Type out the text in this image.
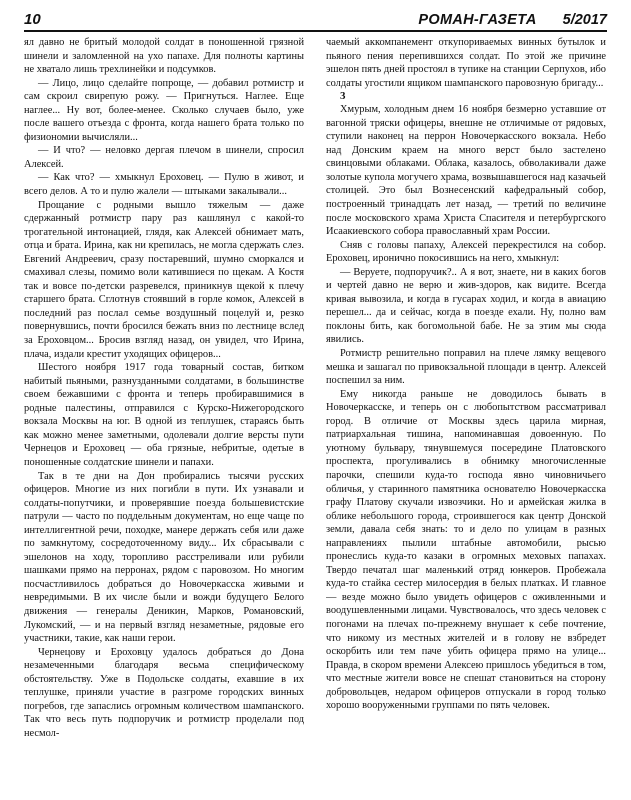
10	РОМАН-ГАЗЕТА 5/2017

ял давно не бритый молодой солдат в поношенной грязной шинели и заломленной на ухо папахе. Для полноты картины не хватало лишь трехлинейки и подсумков.

— Лицо, лицо сделайте попроще, — добавил ротмистр и сам скроил свирепую рожу. — Пригнуться. Наглее. Еще наглее... Ну вот, более-менее. Сколько случаев было, уже после вашего отъезда с фронта, когда нашего брата только по физиономии вычисляли...

— И что? — неловко дергая плечом в шинели, спросил Алексей.

— Как что? — хмыкнул Ероховец. — Пулю в живот, и всего делов. А то и пулю жалели — штыками закалывали...

Прощание с родными вышло тяжелым — даже сдержанный ротмистр пару раз кашлянул с какой-то трогательной интонацией, глядя, как Алексей обнимает мать, отца и брата. Ирина, как ни крепилась, не могла сдержать слез. Евгений Андреевич, сразу постаревший, шумно сморкался и смахивал слезы, помимо воли катившиеся по щекам. А Костя так и вовсе по-детски разревелся, приникнув щекой к плечу старшего брата. Сглотнув стоявший в горле комок, Алексей в последний раз послал семье воздушный поцелуй и, резко повернувшись, почти бросился бежать вниз по лестнице вслед за Ероховцом... Бросив взгляд назад, он увидел, что Ирина, плача, издали крестит уходящих офицеров...

Шестого ноября 1917 года товарный состав, битком набитый пьяными, разнузданными солдатами, в большинстве своем бежавшими с фронта и теперь пробиравшимися в родные палестины, отправился с Курско-Нижегородского вокзала Москвы на юг. В одной из теплушек, стараясь быть как можно менее заметными, одолевали долгие версты пути Чернецов и Ероховец — оба грязные, небритые, одетые в поношенные солдатские шинели и папахи.

Так в те дни на Дон пробирались тысячи русских офицеров. Многие из них погибли в пути. Их узнавали и солдаты-попутчики, и проверявшие поезда большевистские патрули — часто по поддельным документам, но еще чаще по интеллигентной речи, походке, манере держать себя или даже по замкнутому, сосредоточенному виду... Их сбрасывали с эшелонов на ходу, торопливо расстреливали или рубили шашками прямо на перронах, рядом с паровозом. Но многим посчастливилось добраться до Новочеркасска живыми и невредимыми. В их числе были и вожди будущего Белого движения — генералы Деникин, Марков, Романовский, Лукомский, — и на первый взгляд незаметные, рядовые его участники, такие, как наши герои.

Чернецову и Ероховцу удалось добраться до Дона незамеченными благодаря весьма специфическому обстоятельству. Уже в Подольске солдаты, ехавшие в их теплушке, приняли участие в разгроме городских винных погребов, где запаслись огромным количеством шампанского. Так что весь путь подпоручик и ротмистр проделали под несмол-

чаемый аккомпанемент откупориваемых винных бутылок и пьяного пения перепившихся солдат. По этой же причине эшелон пять дней простоял в тупике на станции Серпухов, ибо солдаты угостили ящиком шампанского паровозную бригаду...

3

Хмурым, холодным днем 16 ноября безмерно уставшие от вагонной тряски офицеры, внешне не отличимые от рядовых, ступили наконец на перрон Новочеркасского вокзала. Небо над Донским краем на много верст было застелено свинцовыми облаками. Облака, казалось, обволакивали даже золотые купола могучего храма, возвышавшегося над казачьей столицей. Это был Вознесенский кафедральный собор, построенный тринадцать лет назад, — третий по величине после московского храма Христа Спасителя и петербургского Исаакиевского собора православный храм России.

Сняв с головы папаху, Алексей перекрестился на собор. Ероховец, иронично покосившись на него, хмыкнул:

— Веруете, подпоручик?.. А я вот, знаете, ни в каких богов и чертей давно не верю и жив-здоров, как видите. Всегда кривая вывозила, и когда в гусарах ходил, и когда в авиацию перешел... да и сейчас, когда в поезде ехали. Ну, полно вам поклоны бить, как богомольной бабе. Не за этим мы сюда явились.

Ротмистр решительно поправил на плече лямку вещевого мешка и зашагал по привокзальной площади в центр. Алексей поспешил за ним.

Ему никогда раньше не доводилось бывать в Новочеркасске, и теперь он с любопытством рассматривал город. В отличие от Москвы здесь царила мирная, патриархальная тишина, напоминавшая довоенную. По уютному бульвару, тянувшемуся посередине Платовского проспекта, прогуливались в обнимку многочисленные парочки, спешили куда-то господа явно чиновничьего обличья, у старинного памятника основателю Новочеркасска графу Платову скучали извозчики. Но и армейская жилка в облике небольшого города, строившегося как центр Донской земли, давала себя знать: то и дело по улицам в разных направлениях пылили штабные автомобили, рысью пронеслись куда-то казаки в огромных меховых папахах. Твердо печатал шаг маленький отряд юнкеров. Пробежала куда-то стайка сестер милосердия в белых платках. И главное — везде можно было увидеть офицеров с оживленными и воодушевленными лицами. Чувствовалось, что здесь человек с погонами на плечах по-прежнему внушает к себе почтение, что никому из местных жителей и в голову не взбредет оскорбить или тем паче убить офицера прямо на улице... Правда, в скором времени Алексею пришлось убедиться в том, что местные жители вовсе не спешат становиться на сторону добровольцев, недаром офицеров отпускали в город только хорошо вооруженными группами по пять человек.
